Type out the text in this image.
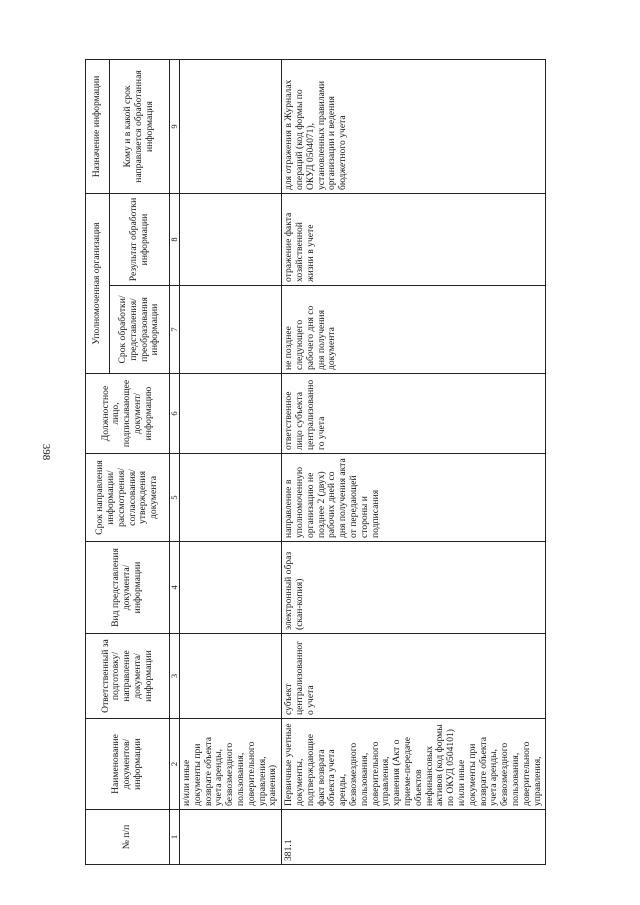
398
№ п/п	Наименование документов/ информации	Ответственный за подготовку/ направление документа/ информации	Вид представления документа/ информации	Срок направления информации/ рассмотрения/ согласования/ утверждения документа	Должностное лицо, подписывающее документ/ информацию	Уполномоченная организация		Назначение информации
						Срок обработки/ представления/ преобразования информации	Результат обработки информации	Кому и в какой срок направляется обработанная информация
1	2	3	4	5	6	7	8	9
	и/или иные документы при возврате объекта учета аренды, безвозмездного пользования, доверительного управления, хранения)							
381.1	Первичные учетные документы, подтверждающие факт возврата объекта учета аренды, безвозмездного пользования, доверительного управления, хранения (Акт о приеме-передаче объектов нефинансовых активов (код формы по ОКУД 0504101) и/или иные документы при возврате объекта учета аренды, безвозмездного пользования, доверительного управления,	субъект централизованного учета	электронный образ (скан-копия)	направление в уполномоченную организацию не позднее 2 (двух) рабочих дней со дня получения акта от передающей стороны и подписания	ответственное лицо субъекта централизованного учета	не позднее следующего рабочего дня со дня получения документа	отражение факта хозяйственной жизни в учете	для отражения в Журналах операций (код формы по ОКУД 0504071), установленных правилами организации и ведения бюджетного учета
